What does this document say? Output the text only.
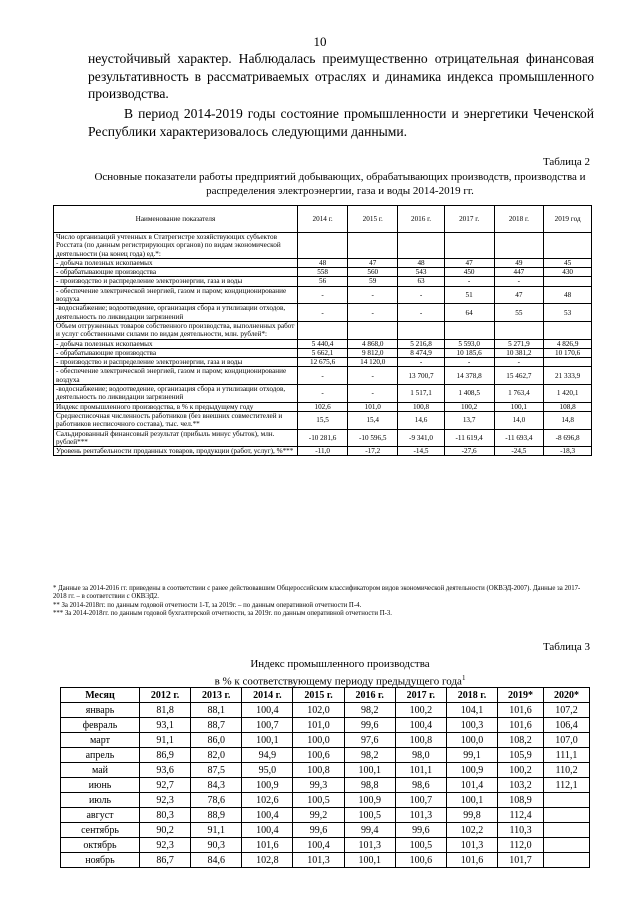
10

неустойчивый характер. Наблюдалась преимущественно отрицательная финансовая результативность в рассматриваемых отраслях и динамика индекса промышленного производства.

В период 2014-2019 годы состояние промышленности и энергетики Чеченской Республики характеризовалось следующими данными.

Таблица 2
Основные показатели работы предприятий добывающих, обрабатывающих производств, производства и распределения электроэнергии, газа и воды 2014-2019 гг.
Наименование показателя	2014 г.	2015 г.	2016 г.	2017 г.	2018 г.	2019 год
Число организаций учтенных в Статрегистре хозяйствующих субъектов Росстата (по данным регистрирующих органов) по видам экономической деятельности (на конец года) ед.*:						
- добыча полезных ископаемых	48	47	48	47	49	45
- обрабатывающие производства	558	560	543	450	447	430
- производство и распределение электроэнергии, газа и воды	56	59	63	-	-	
- обеспечение электрической энергией, газом и паром; кондиционирование воздуха	-	-	-	51	47	48
-водоснабжение; водоотведение, организация сбора и утилизации отходов, деятельность по ликвидации загрязнений	-	-	-	64	55	53
Объем отгруженных товаров собственного производства, выполненных работ и услуг собственными силами по видам деятельности, млн. рублей*:						
- добыча полезных ископаемых	5 440,4	4 868,0	5 216,8	5 593,0	5 271,9	4 826,9
- обрабатывающие производства	5 662,1	9 812,0	8 474,9	10 185,6	10 381,2	10 170,6
- производство и распределение электроэнергии, газа и воды	12 675,6	14 120,0	-	-	-	
- обеспечение электрической энергией, газом и паром; кондиционирование воздуха	-	-	13 700,7	14 378,8	15 462,7	21 333,9
-водоснабжение; водоотведение, организация сбора и утилизации отходов, деятельность по ликвидации загрязнений	-	-	1 517,1	1 408,5	1 763,4	1 420,1
Индекс промышленного производства, в % к предыдущему году	102,6	101,0	100,8	100,2	100,1	108,8
Среднесписочная численность работников (без внешних совместителей и работников несписочного состава), тыс. чел.**	15,5	15,4	14,6	13,7	14,0	14,8
Сальдированный финансовый результат (прибыль минус убыток), млн. рублей***	-10 281,6	-10 596,5	-9 341,0	-11 619,4	-11 693,4	-8 696,8
Уровень рентабельности проданных товаров, продукции (работ, услуг), %***	-11,0	-17,2	-14,5	-27,6	-24,5	-18,3
* Данные за 2014-2016 гг. приведены в соответствии с ранее действовавшим Общероссийским классификатором видов экономической деятельности (ОКВЭД-2007). Данные за 2017-2018 гг. – в соответствии с ОКВЭД2.
** За 2014-2018гг. по данным годовой отчетности 1-Т, за 2019г. – по данным оперативной отчетности П-4.
*** За 2014-2018гг. по данным годовой бухгалтерской отчетности, за 2019г. по данным оперативной отчетности П-3.
Таблица 3
Индекс промышленного производства
в % к соответствующему периоду предыдущего года$^1$
Месяц	2012 г.	2013 г.	2014 г.	2015 г.	2016 г.	2017 г.	2018 г.	2019*	2020*
январь	81,8	88,1	100,4	102,0	98,2	100,2	104,1	101,6	107,2
февраль	93,1	88,7	100,7	101,0	99,6	100,4	100,3	101,6	106,4
март	91,1	86,0	100,1	100,0	97,6	100,8	100,0	108,2	107,0
апрель	86,9	82,0	94,9	100,6	98,2	98,0	99,1	105,9	111,1
май	93,6	87,5	95,0	100,8	100,1	101,1	100,9	100,2	110,2
июнь	92,7	84,3	100,9	99,3	98,8	98,6	101,4	103,2	112,1
июль	92,3	78,6	102,6	100,5	100,9	100,7	100,1	108,9	
август	80,3	88,9	100,4	99,2	100,5	101,3	99,8	112,4	
сентябрь	90,2	91,1	100,4	99,6	99,4	99,6	102,2	110,3	
октябрь	92,3	90,3	101,6	100,4	101,3	100,5	101,3	112,0	
ноябрь	86,7	84,6	102,8	101,3	100,1	100,6	101,6	101,7	
